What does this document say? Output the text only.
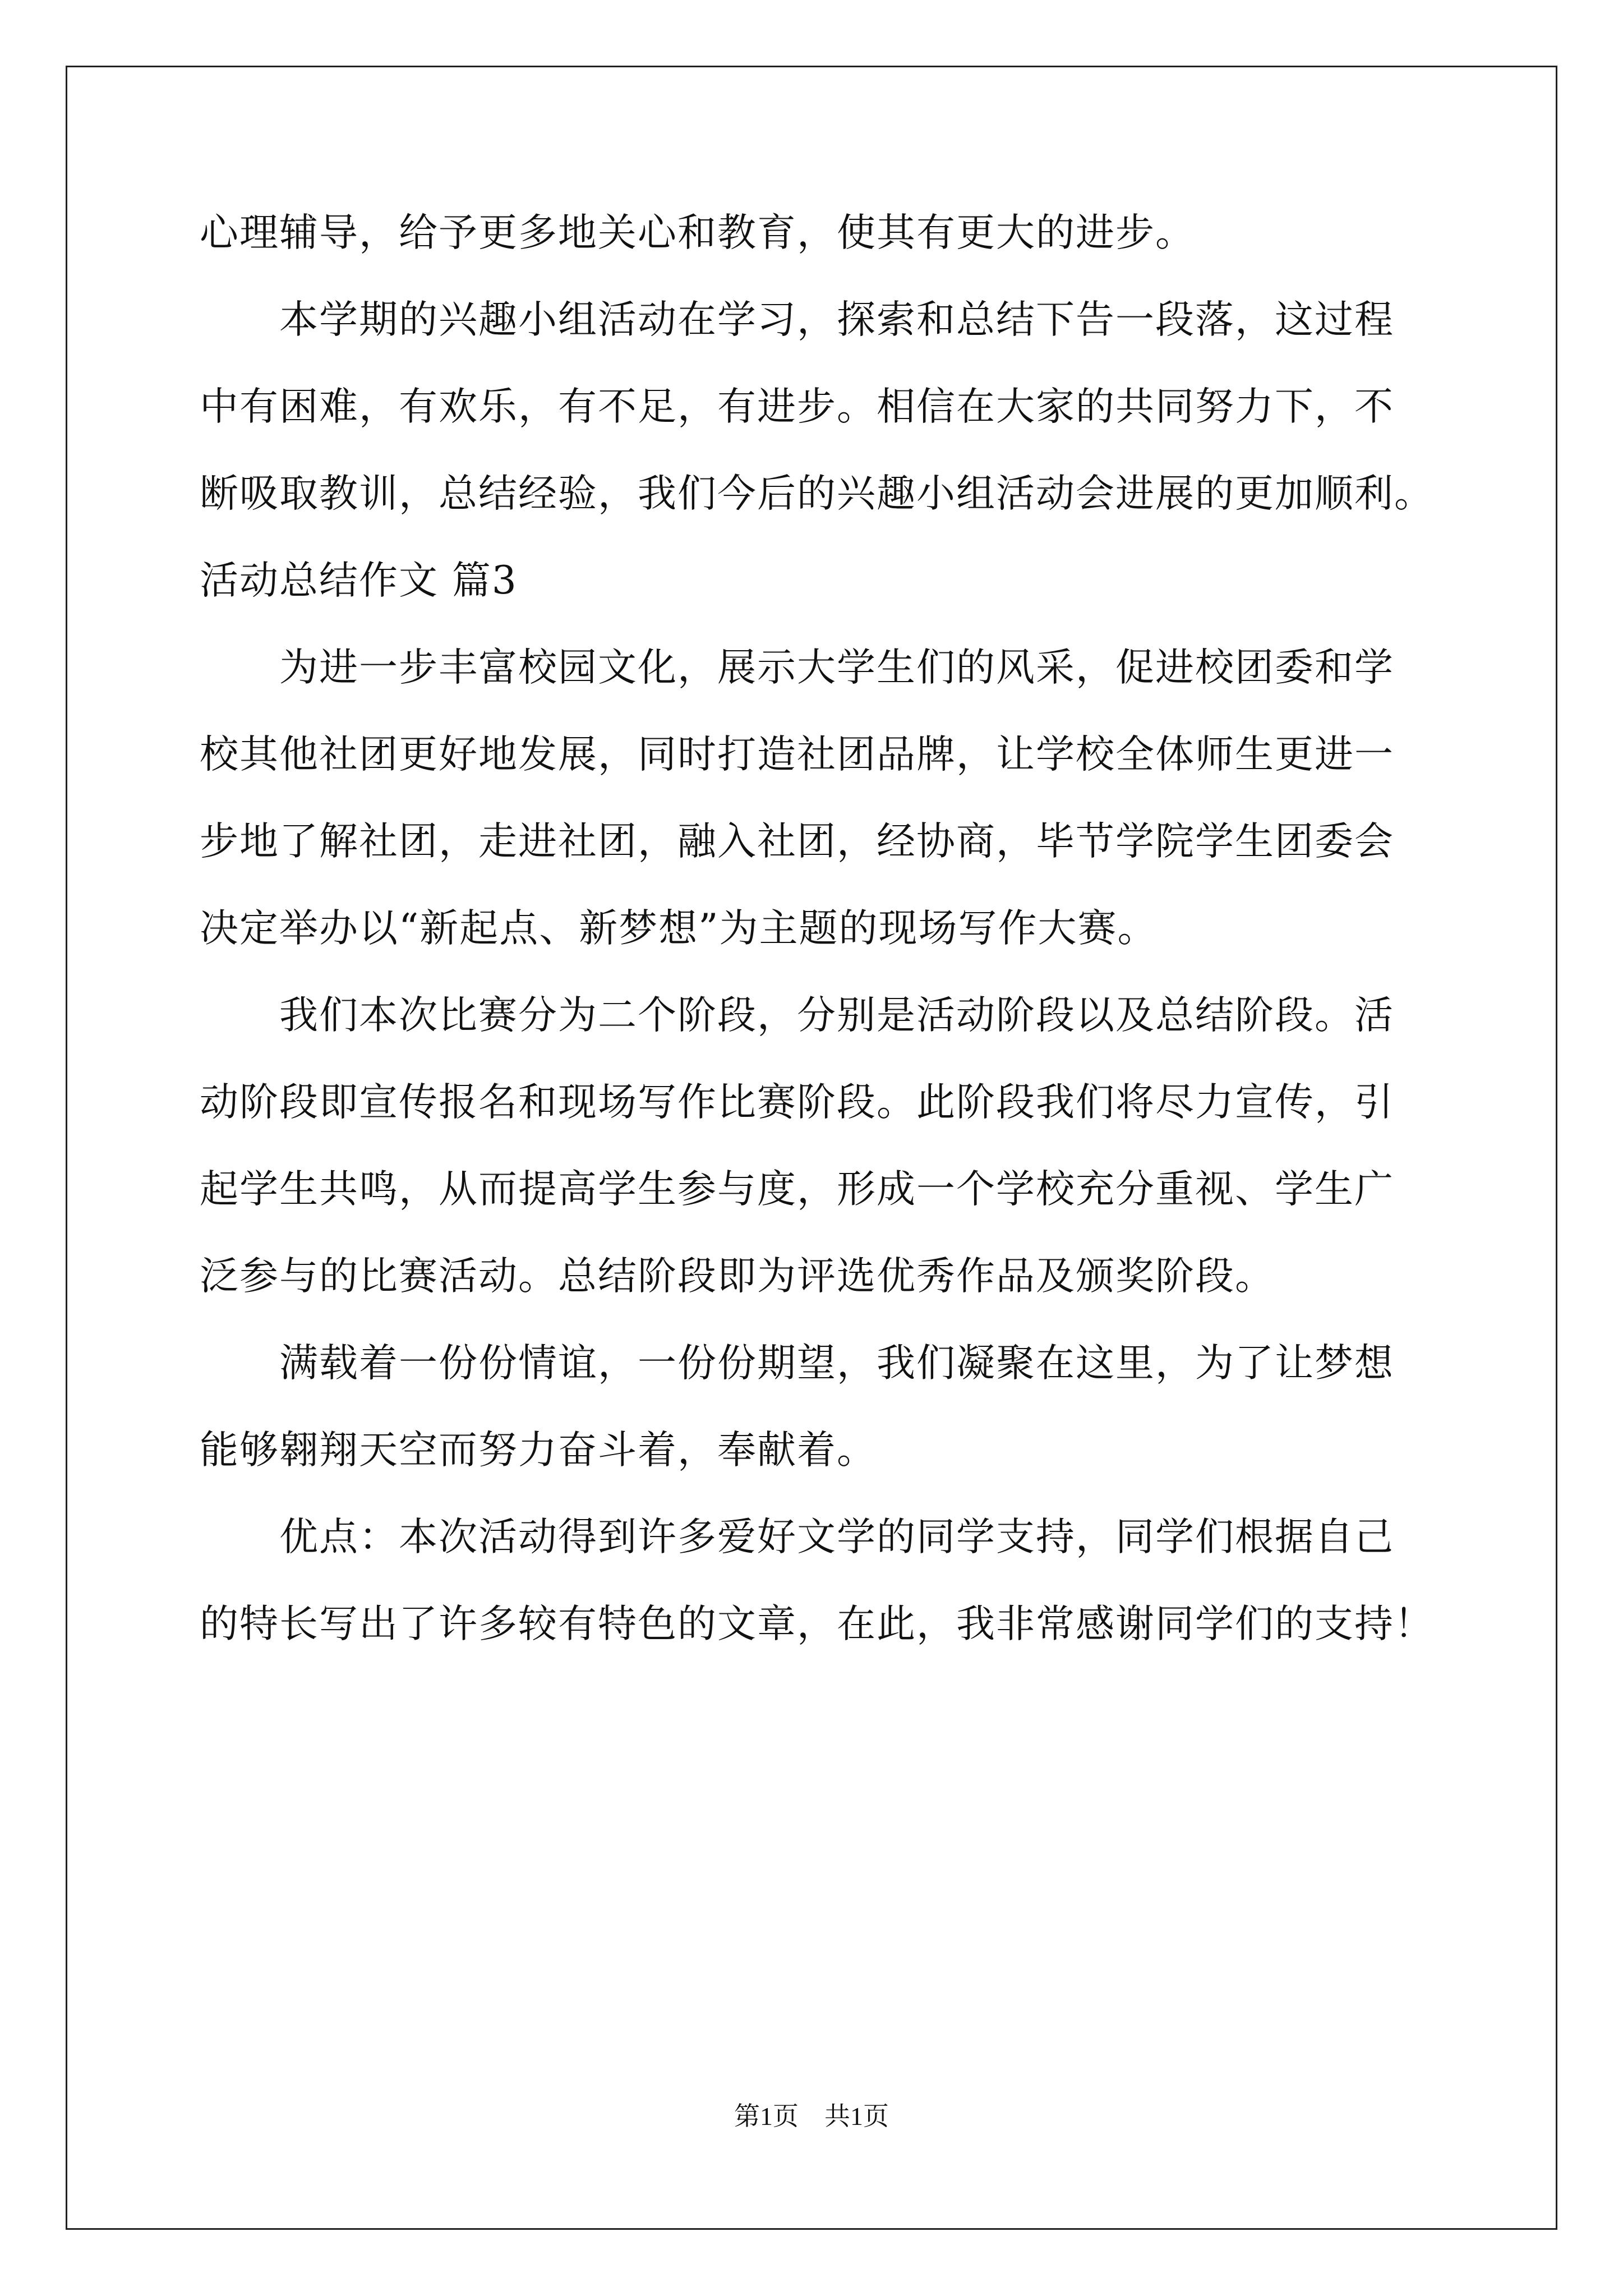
心理辅导，给予更多地关心和教育，使其有更大的进步。
　　本学期的兴趣小组活动在学习，探索和总结下告一段落，这过程
中有困难，有欢乐，有不足，有进步。相信在大家的共同努力下，不
断吸取教训，总结经验，我们今后的兴趣小组活动会进展的更加顺利。
活动总结作文 篇3
　　为进一步丰富校园文化，展示大学生们的风采，促进校团委和学
校其他社团更好地发展，同时打造社团品牌，让学校全体师生更进一
步地了解社团，走进社团，融入社团，经协商，毕节学院学生团委会
决定举办以“新起点、新梦想”为主题的现场写作大赛。
　　我们本次比赛分为二个阶段，分别是活动阶段以及总结阶段。活
动阶段即宣传报名和现场写作比赛阶段。此阶段我们将尽力宣传，引
起学生共鸣，从而提高学生参与度，形成一个学校充分重视、学生广
泛参与的比赛活动。总结阶段即为评选优秀作品及颁奖阶段。
　　满载着一份份情谊，一份份期望，我们凝聚在这里，为了让梦想
能够翱翔天空而努力奋斗着，奉献着。
　　优点：本次活动得到许多爱好文学的同学支持，同学们根据自己
的特长写出了许多较有特色的文章，在此，我非常感谢同学们的支持！
第1页　共1页
